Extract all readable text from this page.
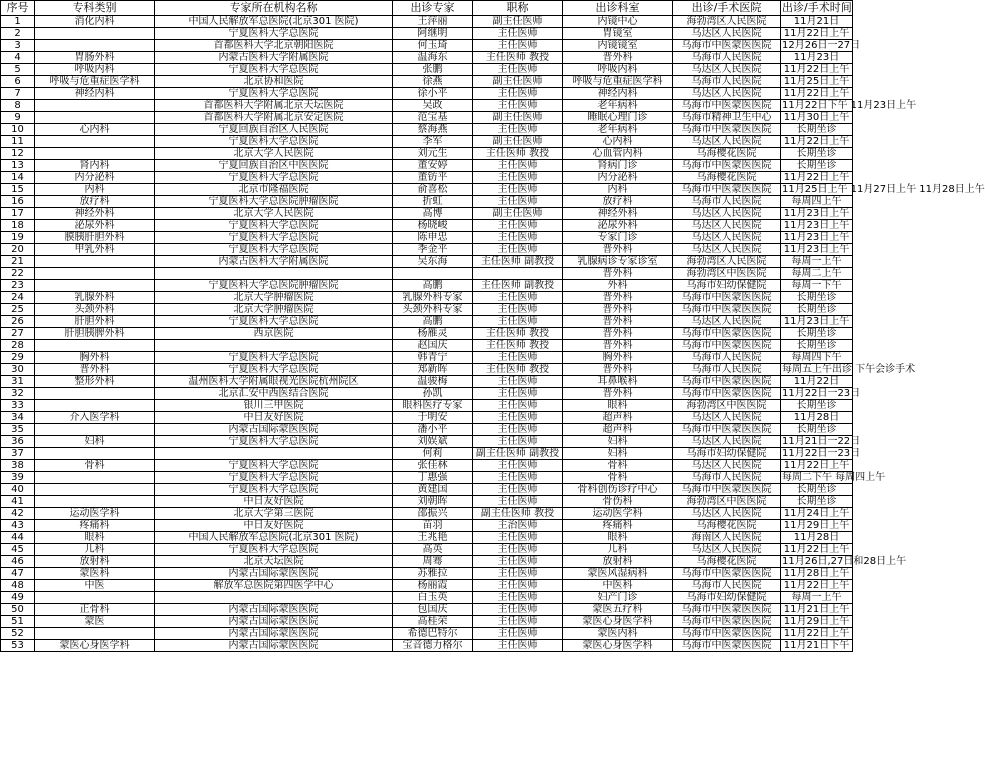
序号	专科类别	专家所在机构名称	出诊专家	职称	出诊科室	出诊/手术医院	出诊/手术时间
1	消化内科	中国人民解放军总医院(北京301 医院)	王萍丽	副主任医师	内镜中心	海勃湾区人民医院	11月21日
2		宁夏医科大学总医院	阿继明	主任医师	胃镜室	乌达区人民医院	11月22日上午
3		首都医科大学北京朝阳医院	何玉琦	主任医师	内镜镜室	乌海市中医蒙医医院	12月26日一27日
4	胃肠外科	内蒙古医科大学附属医院	温海东	主任医师 教授	普外科	乌海市人民医院	11月23日
5	呼吸内科	宁夏医科大学总医院	张鹏	主任医师	呼吸内科	乌达区人民医院	11月22日上午
6	呼吸与危重症医学科	北京协和医院	徐燕	副主任医师	呼吸与危重症医学科	乌海市人民医院	11月25日上午
7	神经内科	宁夏医科大学总医院	徐小平	主任医师	神经内科	乌达区人民医院	11月22日上午
8		首都医科大学附属北京天坛医院	吴政	主任医师	老年病科	乌海市中医蒙医医院	11月22日下午 11月23日上午
9		首都医科大学附属北京安定医院	范宝基	副主任医师	睡眠心理门诊	乌海市精神卫生中心	11月30日上午
10	心内科	宁夏回族自治区人民医院	蔡海燕	主任医师	老年病科	乌海市中医蒙医医院	长期坐诊
11		宁夏医科大学总医院	李军	副主任医师	心内科	乌达区人民医院	11月22日上午
12		北京大学人民医院	刘元生	主任医师 教授	心血管内科	乌海樱花医院	长期坐诊
13	肾内科	宁夏回族自治区中医医院	董安婷	主任医师	肾病门诊	乌海市中医蒙医医院	长期坐诊
14	内分泌科	宁夏医科大学总医院	董钫平	主任医师	内分泌科	乌海樱花医院	11月22日上午
15	内科	北京市隆福医院	俞喜松	主任医师	内科	乌海市中医蒙医医院	11月25日上午 11月27日上午 11月28日上午
16	放疗科	宁夏医科大学总医院肿瘤医院	折虹	主任医师	放疗科	乌海市人民医院	每周四上午
17	神经外科	北京大学人民医院	高博	副主任医师	神经外科	乌达区人民医院	11月23日上午
18	泌尿外科	宁夏医科大学总医院	杨晓峻	主任医师	泌尿外科	乌达区人民医院	11月23日上午
19	膜胰肝胆外科	宁夏医科大学总医院	陈申忠	主任医师	专家门诊	乌达区人民医院	11月23日上午
20	甲乳外科	宁夏医科大学总医院	季金平	主任医师	普外科	乌达区人民医院	11月23日上午
21		内蒙古医科大学附属医院	吴东海	主任医师 副教授	乳腺病诊专家诊室	海勃湾区人民医院	每周一上午
22					普外科	海勃湾区中医医院	每周二上午
23		宁夏医科大学总医院肿瘤医院	高鹏	主任医师 副教授	外科	乌海市妇幼保健院	每周一下午
24	乳腺外科	北京大学肿瘤医院	乳腺外科专家	主任医师	普外科	乌海市中医蒙医医院	长期坐诊
25	头颈外科	北京大学肿瘤医院	头颈外科专家	主任医师	普外科	乌海市中医蒙医医院	长期坐诊
26	肝胆外科	宁夏医科大学总医院	高鹏	主任医师	普外科	乌达区人民医院	11月23日上午
27	肝胆胰脾外科	西京医院	杨雁灵	主任医师 教授	普外科	乌海市中医蒙医医院	长期坐诊
28			赵国庆	主任医师 教授	普外科	乌海市中医蒙医医院	长期坐诊
29	胸外科	宁夏医科大学总医院	韩青宁	主任医师	胸外科	乌海市人民医院	每周四下午
30	普外科	宁夏医科大学总医院	郑新晖	主任医师 教授	普外科	乌海市人民医院	每周五上午出诊 下午会诊手术
31	整形外科	温州医科大学附属眼视光医院杭州院区	温骏梅	主任医师	耳鼻喉科	乌海市中医蒙医医院	11月22日
32		北京汇安中西医结合医院	孙凯	主任医师	普外科	乌海市中医蒙医医院	11月22日一23日
33		银川三甲医院	眼科医疗专家	主任医师	眼科	海勃湾区中医医院	长期坐诊
34	介入医学科	中日友好医院	于明安	主任医师	超声科	乌达区人民医院	11月28日
35		内蒙古国际蒙医医院	潘小平	主任医师	超声科	乌海市中医蒙医医院	长期坐诊
36	妇科	宁夏医科大学总医院	刘娱斌	主任医师	妇科	乌达区人民医院	11月21日一22日
37			何莉	副主任医师 副教授	妇科	乌海市妇幼保健院	11月22日一23日
38	骨科	宁夏医科大学总医院	张佳林	主任医师	骨科	乌达区人民医院	11月22日上午
39		宁夏医科大学总医院	丁惠强	主任医师	骨科	乌海市人民医院	每周二下午 每周四上午
40		宁夏医科大学总医院	黄建国	主任医师	骨科创伤诊疗中心	乌海市中医蒙医医院	长期坐诊
41		中日友好医院	刘朝晖	主任医师	骨伤科	海勃湾区中医医院	长期坐诊
42	运动医学科	北京大学第三医院	邵振兴	副主任医师 教授	运动医学科	乌达区人民医院	11月24日上午
43	疼痛科	中日友好医院	苗羽	主治医师	疼痛科	乌海樱花医院	11月29日上午
44	眼科	中国人民解放军总医院(北京301 医院)	王兆艳	主任医师	眼科	海南区人民医院	11月28日
45	儿科	宁夏医科大学总医院	高英	主任医师	儿科	乌达区人民医院	11月22日上午
46	放射科	北京天坛医院	周骞	主任医师	放射科	乌海樱花医院	11月26日,27日和28日上午
47	蒙医科	内蒙古国际蒙医医院	苏雅拉	主任医师	蒙医风湿病科	乌海市中医蒙医医院	11月28日上午
48	中医	解放军总医院第四医学中心	杨丽霞	主任医师	中医科	乌海市人民医院	11月22日上午
49			白玉英	主任医师	妇产门诊	乌海市妇幼保健院	每周一上午
50	正骨科	内蒙古国际蒙医医院	包国庆	主任医师	蒙医五疗科	乌海市中医蒙医医院	11月21日上午
51	蒙医	内蒙古国际蒙医医院	高桂荣	主任医师	蒙医心身医学科	乌海市中医蒙医医院	11月29日上午
52		内蒙古国际蒙医医院	希德巴特尔	主任医师	蒙医内科	乌海市中医蒙医医院	11月22日上午
53	蒙医心身医学科	内蒙古国际蒙医医院	宝音德力格尔	主任医师	蒙医心身医学科	乌海市中医蒙医医院	11月21日下午
